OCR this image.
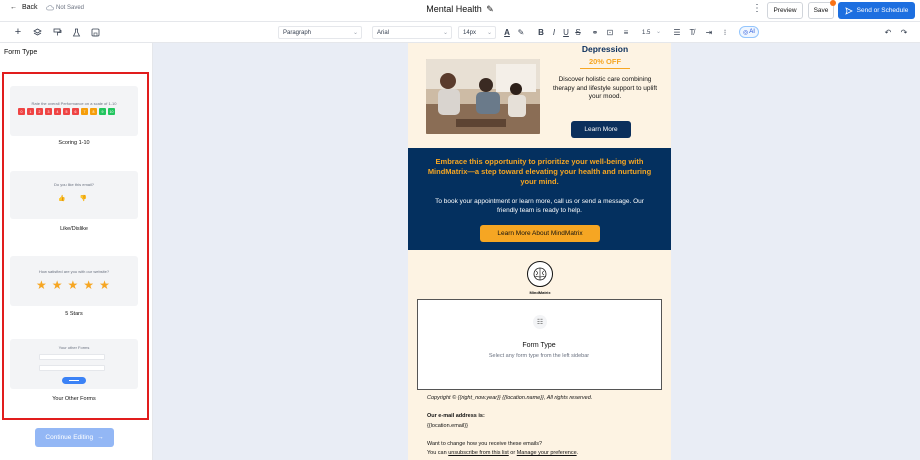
← Back	Not Saved	Mental Health ✎	⋮	Preview	Save	Send or Schedule
+	Paragraph	⌄	Arial	⌄	14px ⌄ A ✎ B	I	U S ⚭ ⊡	≡	1.5 ⌄ ☰	T̸	⇥	⁝	◎ AI	↶ ↷
Form Type
Rate the overall Performance on a scale of 1-10
0	1	2	3	4	5	6	7	8	9	10
Scoring 1-10
Do you like this email?
👍 👎
Like/Dislike
How satisfied are you with our website?
★ ★ ★ ★ ★
5 Stars
Your other Forms
Your Other Forms
Continue Editing →
Depression
20% OFF
Discover holistic care combining therapy and lifestyle support to uplift your mood.
Learn More
Embrace this opportunity to prioritize your well-being with MindMatrix—a step toward elevating your health and nurturing your mind.
To book your appointment or learn more, call us or send a message. Our friendly team is ready to help.
Learn More About MindMatrix
MindMatrix
☷
Form Type
Select any form type from the left sidebar
Copyright © {{right_now.year}} {{location.name}}, All rights reserved.
Our e-mail address is:
{{location.email}}
Want to change how you receive these emails?
You can unsubscribe from this list or Manage your preference.
